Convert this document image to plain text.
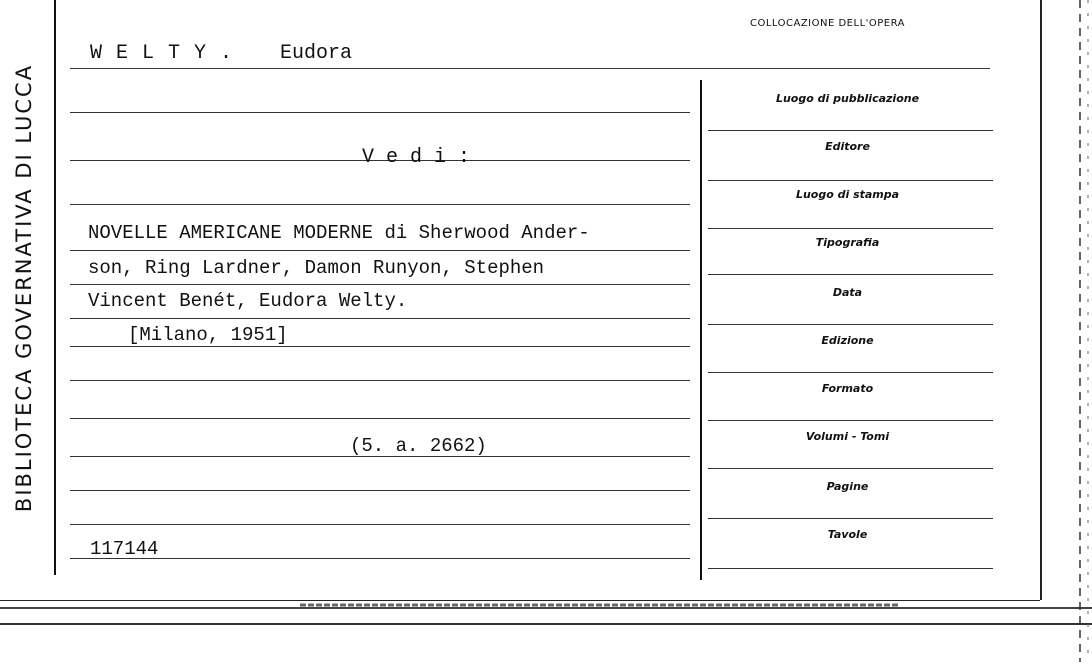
BIBLIOTECA GOVERNATIVA DI LUCCA
W E L T Y . Eudora
V e d i :
NOVELLE AMERICANE MODERNE di Sherwood Ander-
son, Ring Lardner, Damon Runyon, Stephen
Vincent Benét, Eudora Welty.
[Milano, 1951]
(5. a. 2662)
117144
COLLOCAZIONE DELL'OPERA
Luogo di pubblicazione
Editore
Luogo di stampa
Tipografia
Data
Edizione
Formato
Volumi - Tomi
Pagine
Tavole
